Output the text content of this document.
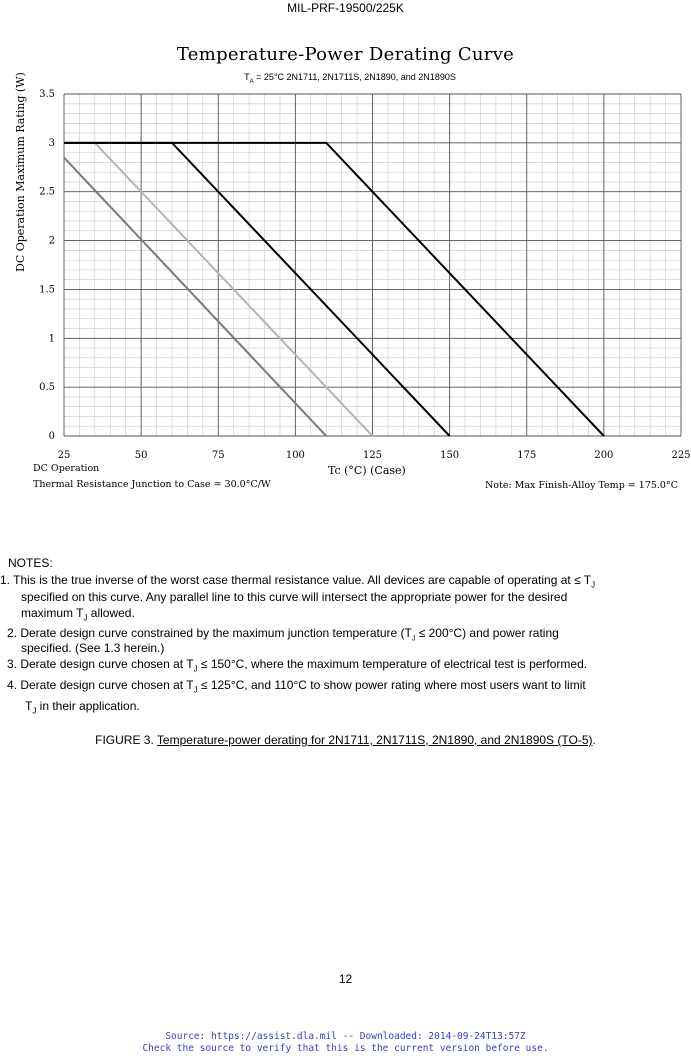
MIL-PRF-19500/225K
Temperature-Power Derating Curve
$T_A = 25^\circ C$ 2N1711, 2N1711S, 2N1890, and 2N1890S
25	50	75	100	125	150	175	200	225
0
0.5
1
1.5
2
2.5
3
3.5
DC Operation Maximum Rating (W)
DC Operation
Thermal Resistance Junction to Case = 30.0°C/W
Tc (°C) (Case)
Note: Max Finish-Alloy Temp = 175.0°C
NOTES:
1. This is the true inverse of the worst case thermal resistance value. All devices are capable of operating at ≤ $T_J$
specified on this curve. Any parallel line to this curve will intersect the appropriate power for the desired
maximum $T_J$ allowed.
2. Derate design curve constrained by the maximum junction temperature $(T_J \le 200^\circ C)$ and power rating
specified. (See 1.3 herein.)
3. Derate design curve chosen at $T_J \le 150^\circ C$, where the maximum temperature of electrical test is performed.
4. Derate design curve chosen at $T_J \le 125^\circ C$, and 110°C to show power rating where most users want to limit
$T_J$ in their application.
FIGURE 3. Temperature-power derating for 2N1711, 2N1711S, 2N1890, and 2N1890S (TO-5).
12
Source: https://assist.dla.mil -- Downloaded: 2014-09-24T13:57Z
Check the source to verify that this is the current version before use.
